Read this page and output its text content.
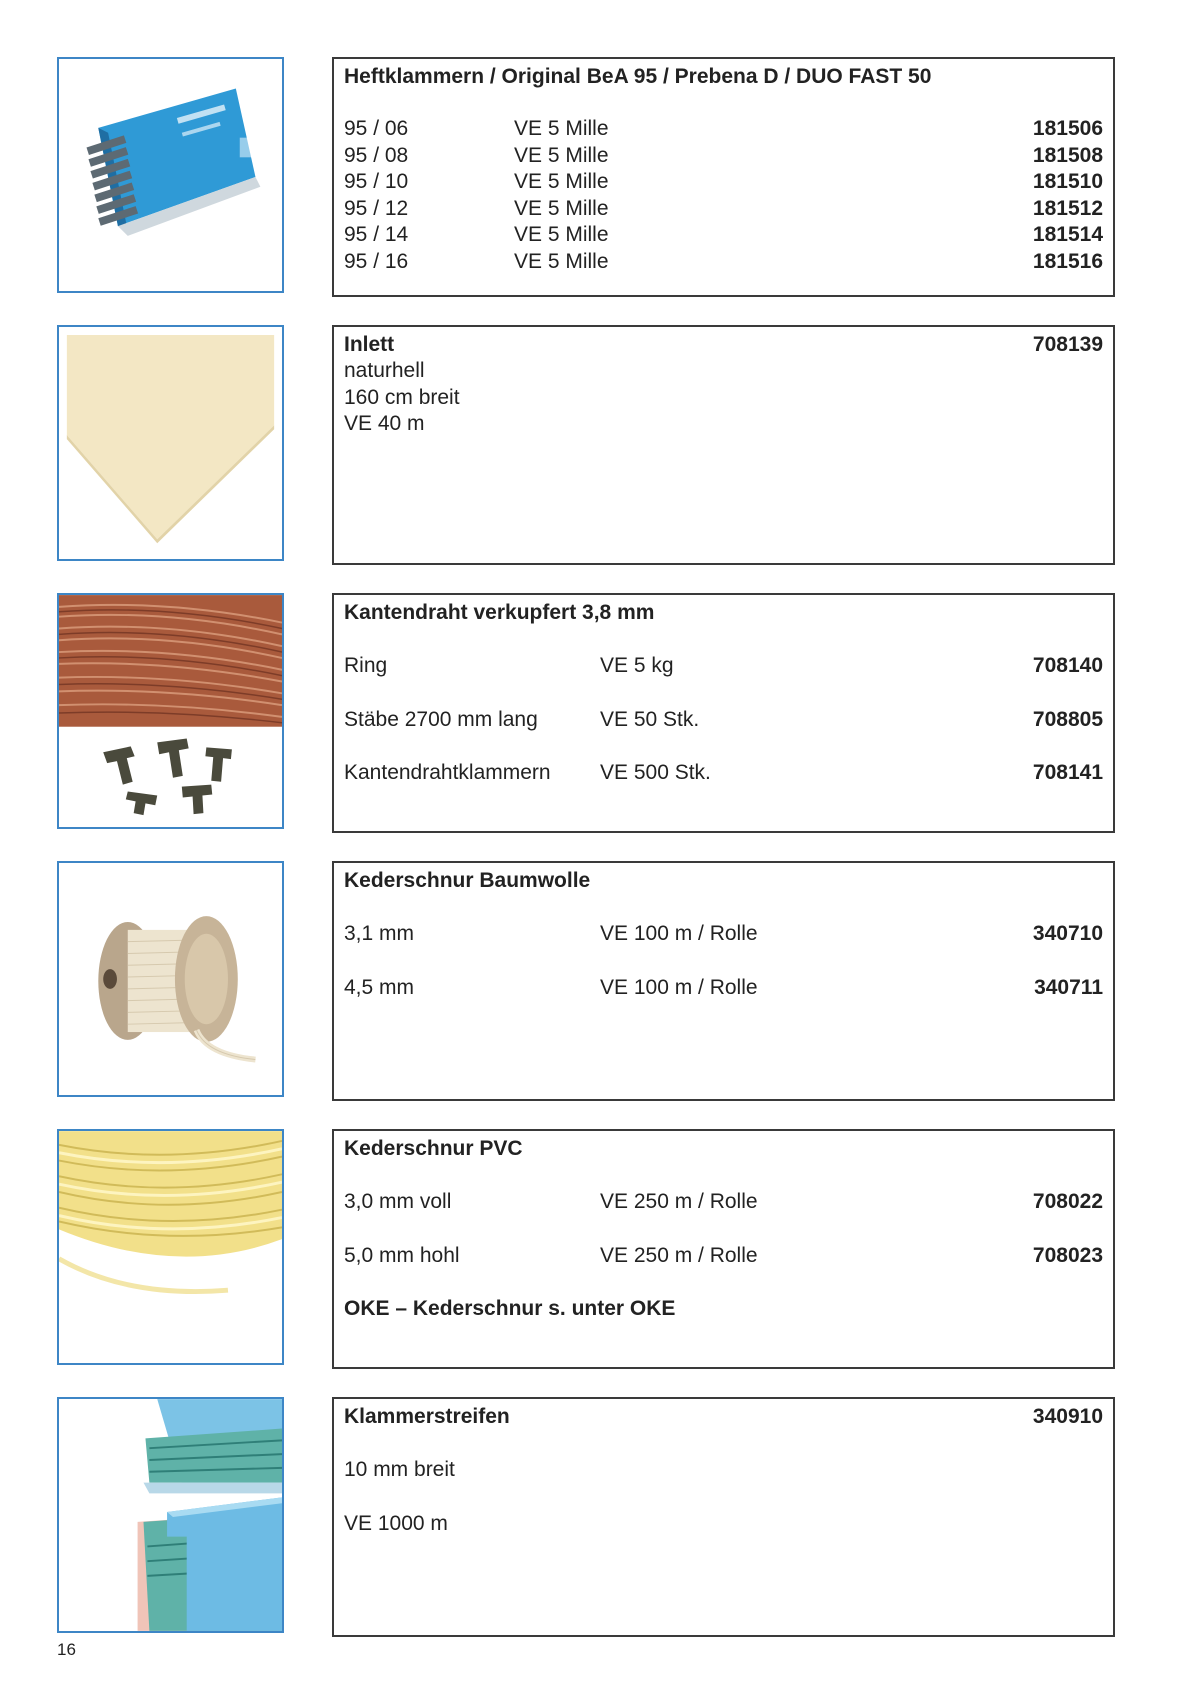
Heftklammern / Original BeA 95 / Prebena D / DUO FAST 50
95 / 06	VE 5 Mille	181506
95 / 08	VE 5 Mille	181508
95 / 10	VE 5 Mille	181510
95 / 12	VE 5 Mille	181512
95 / 14	VE 5 Mille	181514
95 / 16	VE 5 Mille	181516
Inlett	708139
naturhell
160 cm breit
VE 40 m
Kantendraht verkupfert 3,8 mm
Ring	VE 5 kg	708140
Stäbe 2700 mm lang	VE 50 Stk.	708805
Kantendrahtklammern VE 500 Stk.	708141
Kederschnur Baumwolle
3,1 mm	VE 100 m / Rolle	340710
4,5 mm	VE 100 m / Rolle	340711
Kederschnur PVC
3,0 mm voll	VE 250 m / Rolle	708022
5,0 mm hohl	VE 250 m / Rolle	708023
OKE – Kederschnur s. unter OKE
Klammerstreifen	340910
10 mm breit
VE 1000 m
16
